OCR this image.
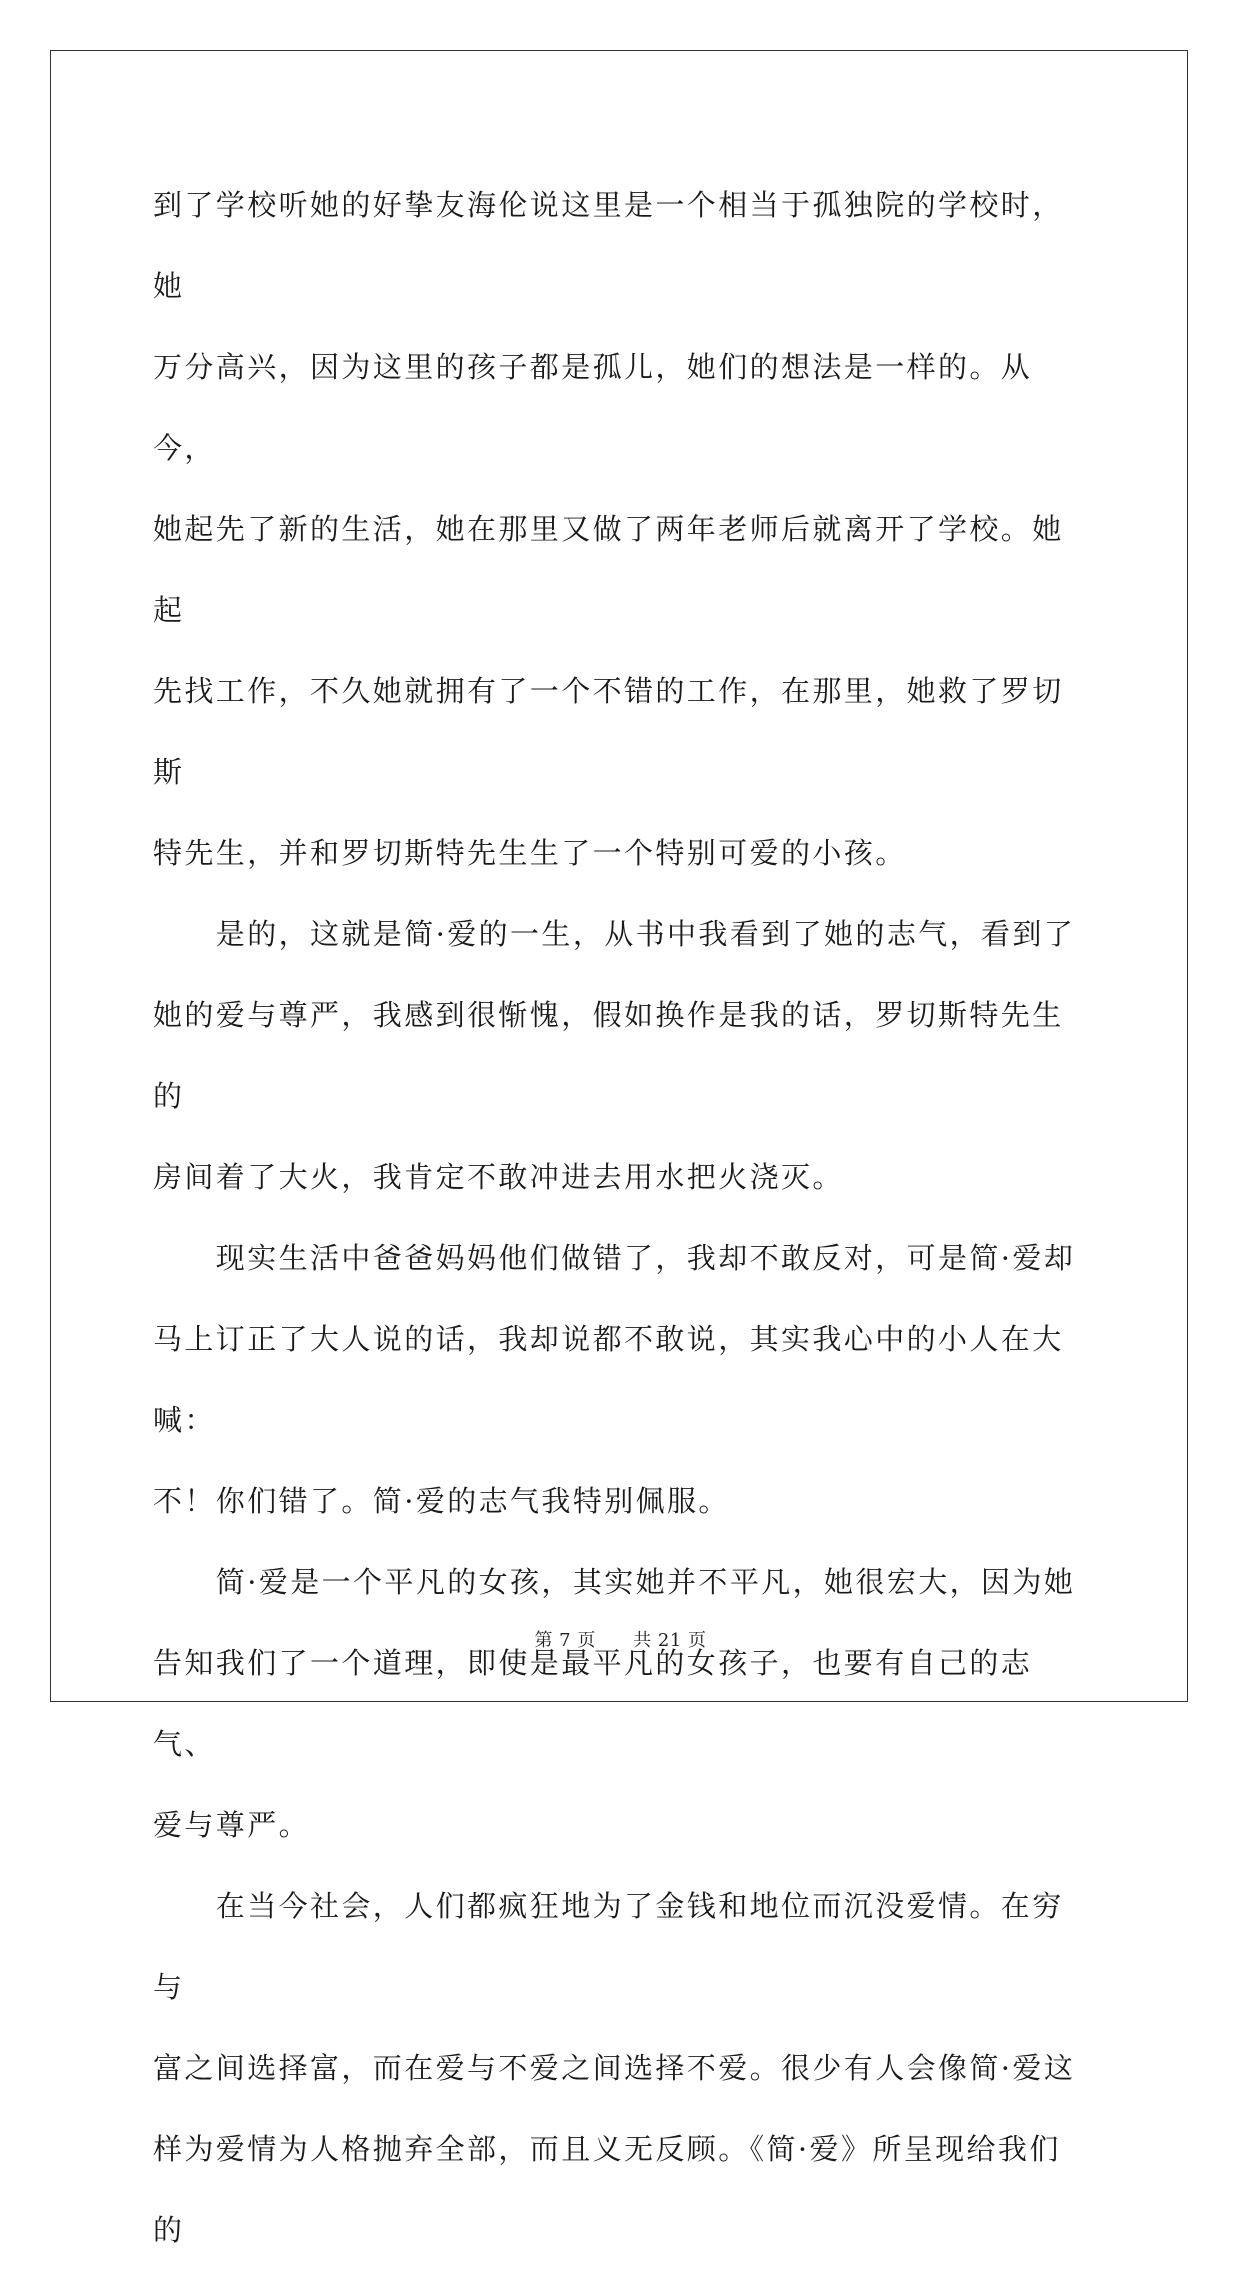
到了学校听她的好挚友海伦说这里是一个相当于孤独院的学校时，她

万分高兴，因为这里的孩子都是孤儿，她们的想法是一样的。从今，

她起先了新的生活，她在那里又做了两年老师后就离开了学校。她起

先找工作，不久她就拥有了一个不错的工作，在那里，她救了罗切斯

特先生，并和罗切斯特先生生了一个特别可爱的小孩。

　　是的，这就是简·爱的一生，从书中我看到了她的志气，看到了

她的爱与尊严，我感到很惭愧，假如换作是我的话，罗切斯特先生的

房间着了大火，我肯定不敢冲进去用水把火浇灭。

　　现实生活中爸爸妈妈他们做错了，我却不敢反对，可是简·爱却

马上订正了大人说的话，我却说都不敢说，其实我心中的小人在大喊：

不！你们错了。简·爱的志气我特别佩服。

　　简·爱是一个平凡的女孩，其实她并不平凡，她很宏大，因为她

告知我们了一个道理，即使是最平凡的女孩子，也要有自己的志气、

爱与尊严。

　　在当今社会，人们都疯狂地为了金钱和地位而沉没爱情。在穷与

富之间选择富，而在爱与不爱之间选择不爱。很少有人会像简·爱这

样为爱情为人格抛弃全部，而且义无反顾。《简·爱》所呈现给我们的

第 7 页 共 21 页
